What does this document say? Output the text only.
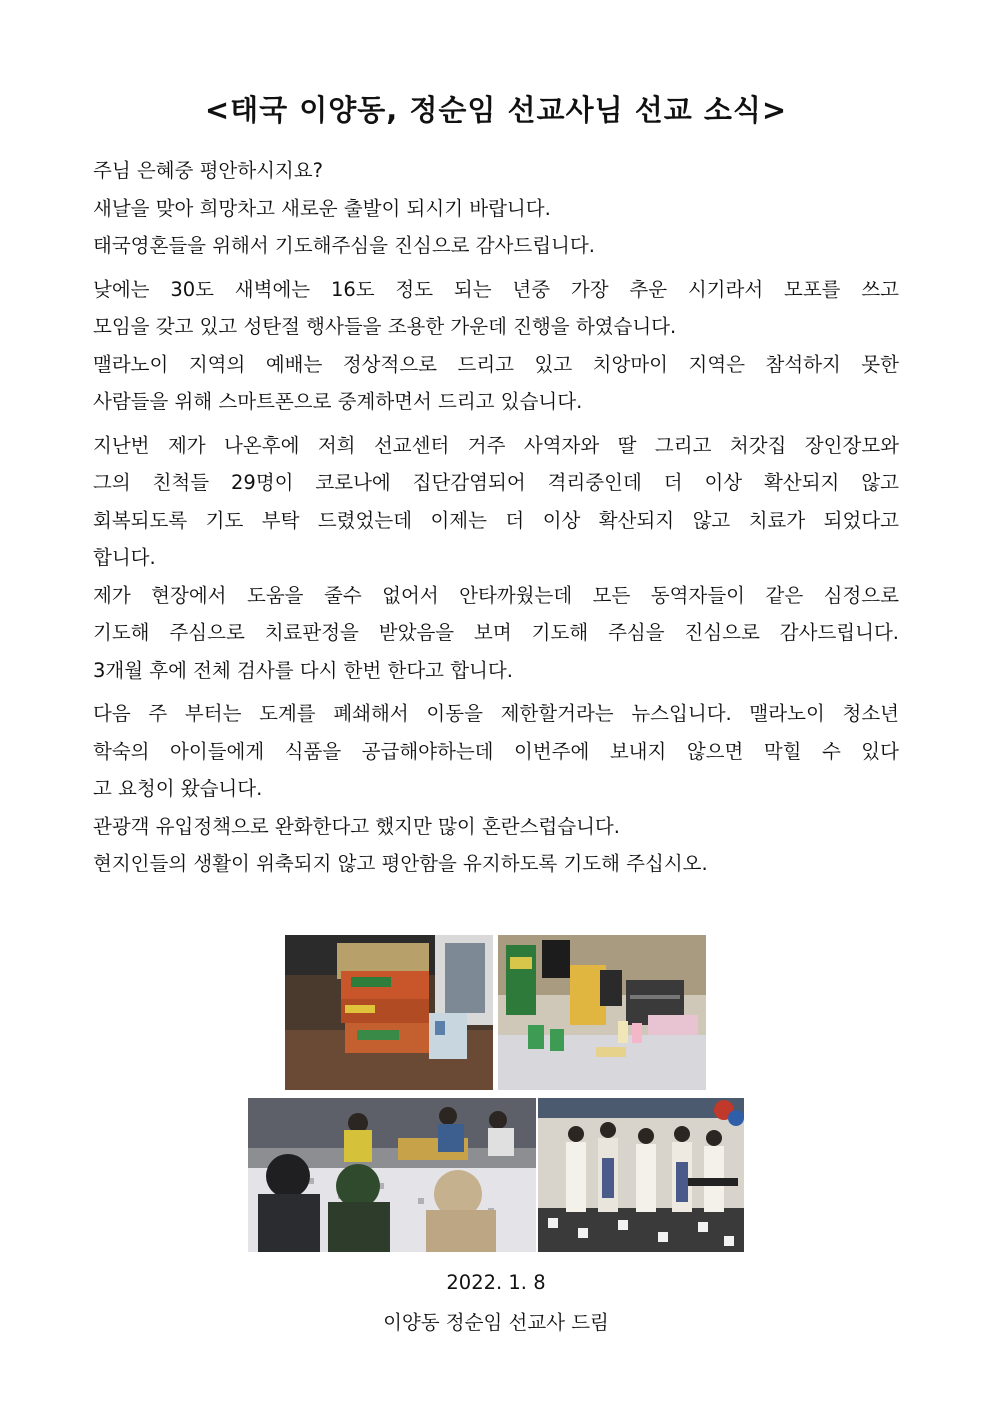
<태국 이양동, 정순임 선교사님 선교 소식>

주님 은혜중 평안하시지요?
새날을 맞아 희망차고 새로운 출발이 되시기 바랍니다.
태국영혼들을 위해서 기도해주심을 진심으로 감사드립니다.

낮에는 30도 새벽에는 16도 정도 되는 년중 가장 추운 시기라서 모포를 쓰고
모임을 갖고 있고 성탄절 행사들을 조용한 가운데 진행을 하였습니다.
맬라노이 지역의 예배는 정상적으로 드리고 있고 치앙마이 지역은 참석하지 못한
사람들을 위해 스마트폰으로 중계하면서 드리고 있습니다.

지난번 제가 나온후에 저희 선교센터 거주 사역자와 딸 그리고 처갓집 장인장모와
그의 친척들 29명이 코로나에 집단감염되어 격리중인데 더 이상 확산되지 않고
회복되도록 기도 부탁 드렸었는데 이제는 더 이상 확산되지 않고 치료가 되었다고
합니다.
제가 현장에서 도움을 줄수 없어서 안타까웠는데 모든 동역자들이 같은 심정으로
기도해 주심으로 치료판정을 받았음을 보며 기도해 주심을 진심으로 감사드립니다.
3개월 후에 전체 검사를 다시 한번 한다고 합니다.

다음 주 부터는 도계를 폐쇄해서 이동을 제한할거라는 뉴스입니다. 맬라노이 청소년
학숙의 아이들에게 식품을 공급해야하는데 이번주에 보내지 않으면 막힐 수 있다
고 요청이 왔습니다.
관광객 유입정책으로 완화한다고 했지만 많이 혼란스럽습니다.
현지인들의 생활이 위축되지 않고 평안함을 유지하도록 기도해 주십시오.

2022. 1. 8
이양동 정순임 선교사 드림
